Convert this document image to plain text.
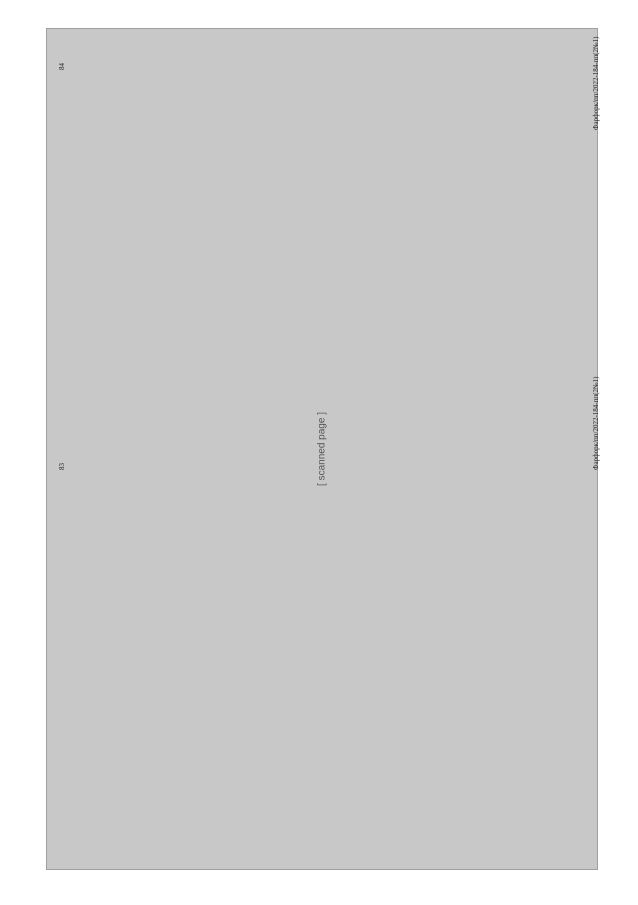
[ scanned page ]
83	Фарфорк/пп/2022-184-пп(2№1)
84	Фарфорк/пп/2022-184-пп(2№1)
